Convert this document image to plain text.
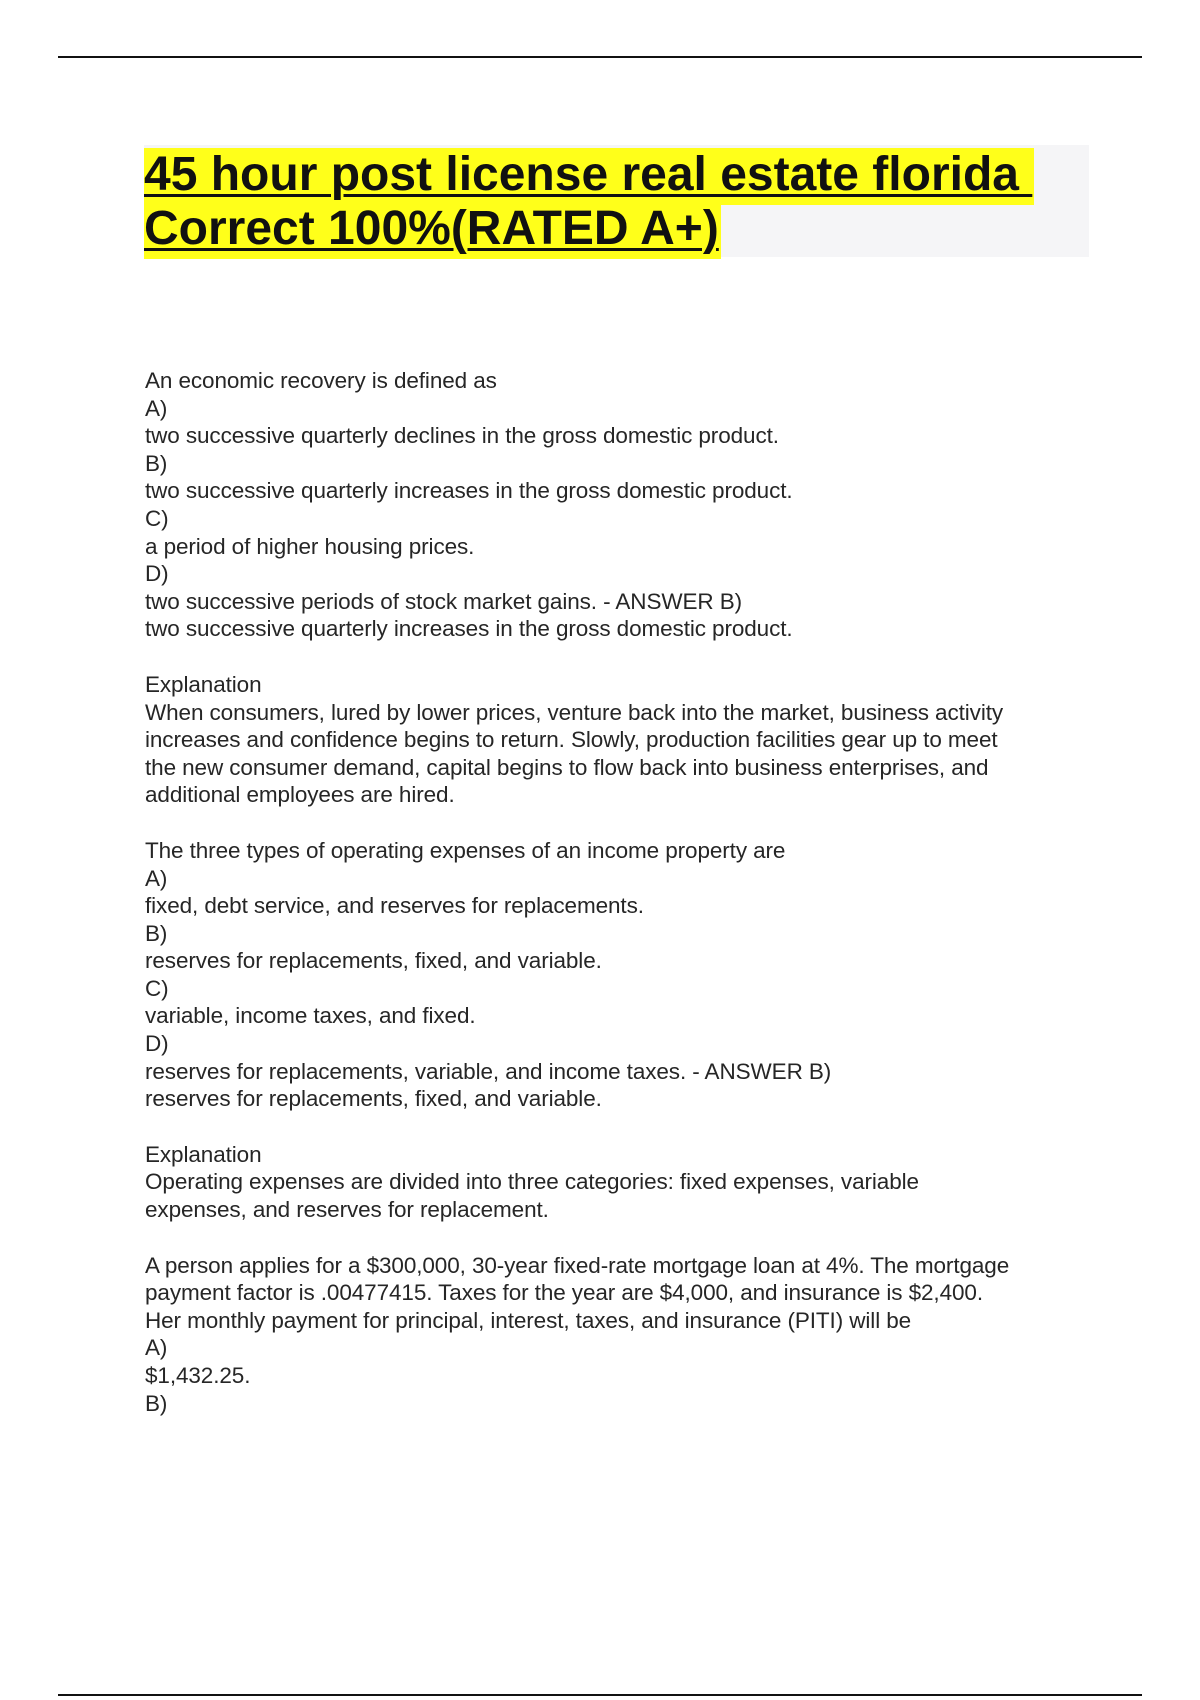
45 hour post license real estate florida
Correct 100%(RATED A+)
An economic recovery is defined as
A)
two successive quarterly declines in the gross domestic product.
B)
two successive quarterly increases in the gross domestic product.
C)
a period of higher housing prices.
D)
two successive periods of stock market gains. - ANSWER B)
two successive quarterly increases in the gross domestic product.
Explanation
When consumers, lured by lower prices, venture back into the market, business activity
increases and confidence begins to return. Slowly, production facilities gear up to meet
the new consumer demand, capital begins to flow back into business enterprises, and
additional employees are hired.
The three types of operating expenses of an income property are
A)
fixed, debt service, and reserves for replacements.
B)
reserves for replacements, fixed, and variable.
C)
variable, income taxes, and fixed.
D)
reserves for replacements, variable, and income taxes. - ANSWER B)
reserves for replacements, fixed, and variable.
Explanation
Operating expenses are divided into three categories: fixed expenses, variable
expenses, and reserves for replacement.
A person applies for a $300,000, 30-year fixed-rate mortgage loan at 4%. The mortgage
payment factor is .00477415. Taxes for the year are $4,000, and insurance is $2,400.
Her monthly payment for principal, interest, taxes, and insurance (PITI) will be
A)
$1,432.25.
B)
